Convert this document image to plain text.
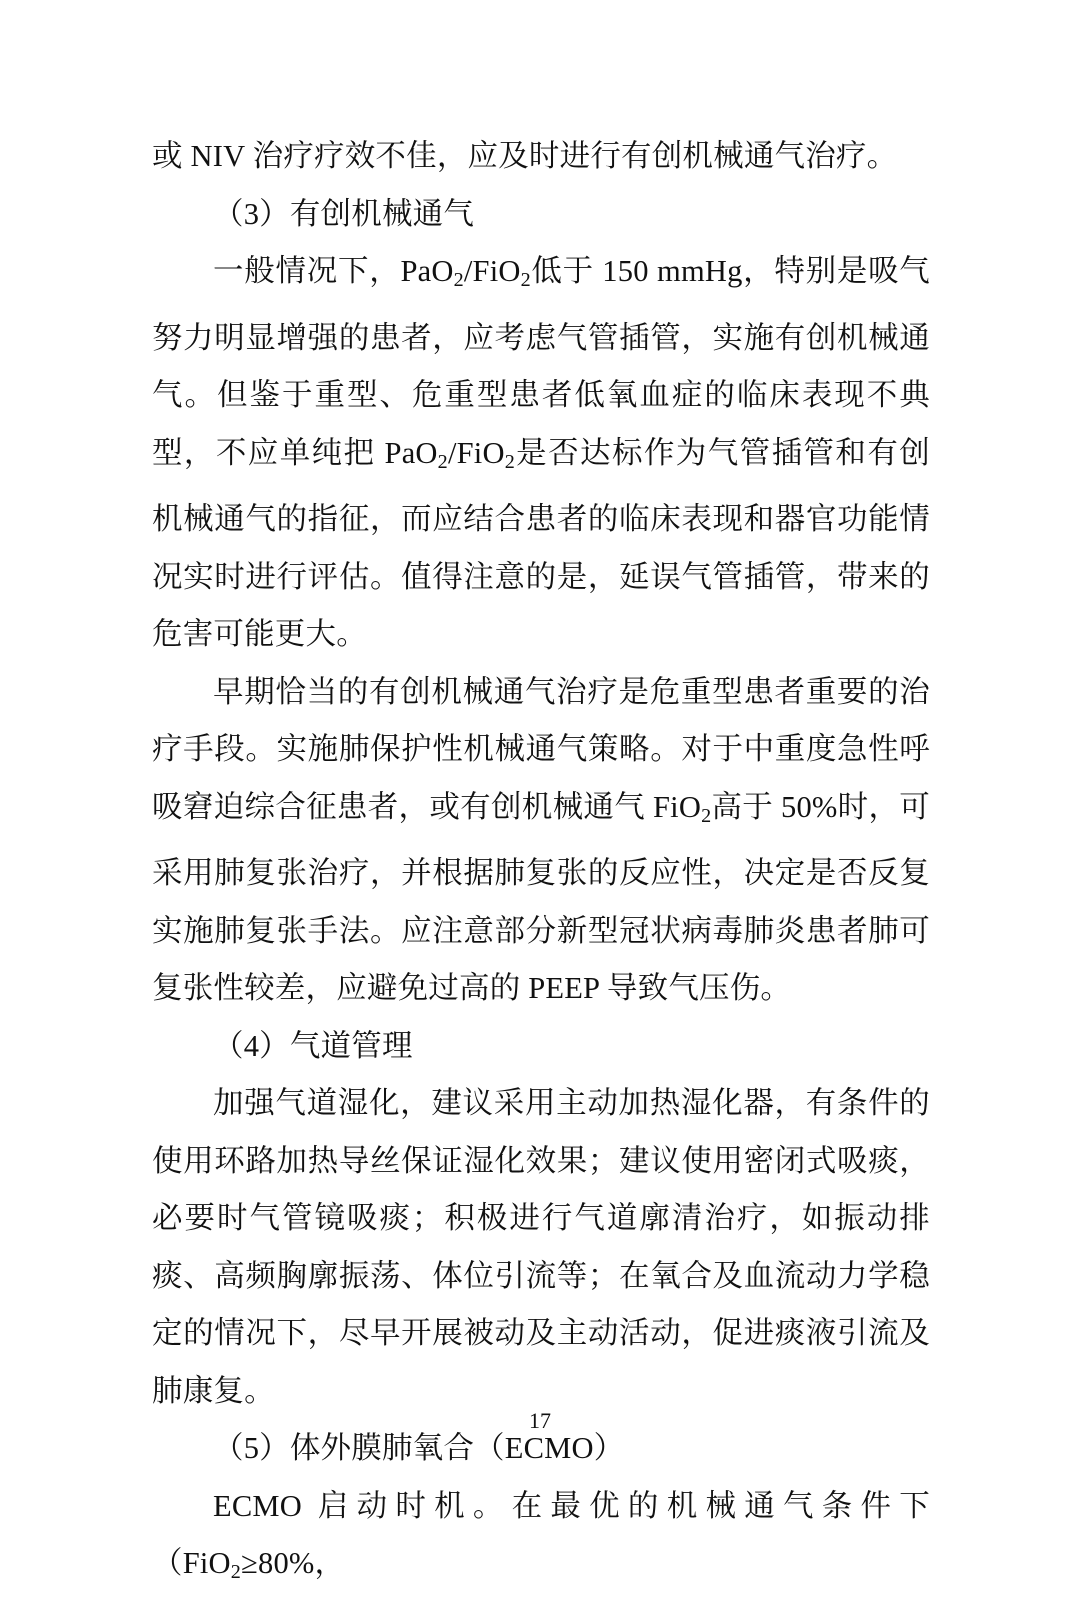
或 NIV 治疗疗效不佳，应及时进行有创机械通气治疗。

（3）有创机械通气

一般情况下，PaO$_2$/FiO$_2$低于 150 mmHg，特别是吸气努力明显增强的患者，应考虑气管插管，实施有创机械通气。但鉴于重型、危重型患者低氧血症的临床表现不典型，不应单纯把 PaO$_2$/FiO$_2$是否达标作为气管插管和有创机械通气的指征，而应结合患者的临床表现和器官功能情况实时进行评估。值得注意的是，延误气管插管，带来的危害可能更大。

早期恰当的有创机械通气治疗是危重型患者重要的治疗手段。实施肺保护性机械通气策略。对于中重度急性呼吸窘迫综合征患者，或有创机械通气 FiO$_2$高于 50%时，可采用肺复张治疗，并根据肺复张的反应性，决定是否反复实施肺复张手法。应注意部分新型冠状病毒肺炎患者肺可复张性较差，应避免过高的 PEEP 导致气压伤。

（4）气道管理

加强气道湿化，建议采用主动加热湿化器，有条件的使用环路加热导丝保证湿化效果；建议使用密闭式吸痰，必要时气管镜吸痰；积极进行气道廓清治疗，如振动排痰、高频胸廓振荡、体位引流等；在氧合及血流动力学稳定的情况下，尽早开展被动及主动活动，促进痰液引流及肺康复。

（5）体外膜肺氧合（ECMO）

ECMO 启动时机。在最优的机械通气条件下（FiO$_2$≥80%，

17
